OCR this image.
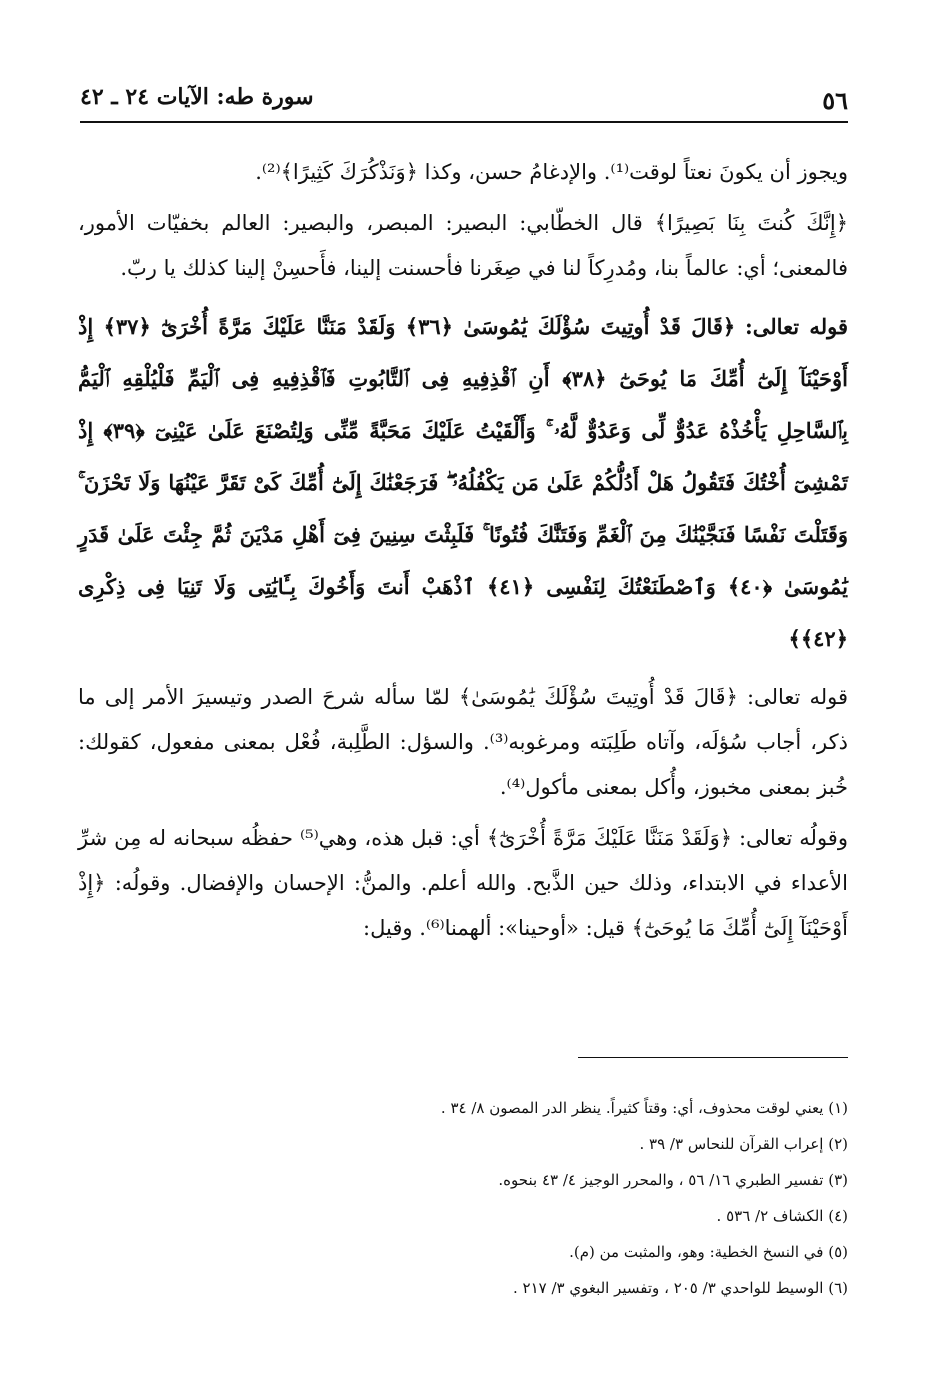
٥٦
سورة طه: الآيات ٢٤ ـ ٤٢

ويجوز أن يكونَ نعتاً لوقت⁽¹⁾. والإدغامُ حسن، وكذا ﴿وَنَذْكُرَكَ كَثِيرًا﴾⁽²⁾.

﴿إِنَّكَ كُنتَ بِنَا بَصِيرًا﴾ قال الخطّابي: البصير: المبصر، والبصير: العالم بخفيّات الأمور، فالمعنى؛ أي: عالماً بنا، ومُدرِكاً لنا في صِغَرنا فأحسنت إلينا، فأَحسِنْ إلينا كذلك يا ربّ.

قوله تعالى: ﴿قَالَ قَدْ أُوتِيتَ سُؤْلَكَ يَٰمُوسَىٰ ﴿٣٦﴾ وَلَقَدْ مَنَنَّا عَلَيْكَ مَرَّةً أُخْرَىٰٓ ﴿٣٧﴾ إِذْ أَوْحَيْنَآ إِلَىٰٓ أُمِّكَ مَا يُوحَىٰٓ ﴿٣٨﴾ أَنِ ٱقْذِفِيهِ فِى ٱلتَّابُوتِ فَٱقْذِفِيهِ فِى ٱلْيَمِّ فَلْيُلْقِهِ ٱلْيَمُّ بِٱلسَّاحِلِ يَأْخُذْهُ عَدُوٌّ لِّى وَعَدُوٌّ لَّهُۥ ۚ وَأَلْقَيْتُ عَلَيْكَ مَحَبَّةً مِّنِّى وَلِتُصْنَعَ عَلَىٰ عَيْنِىٓ ﴿٣٩﴾ إِذْ تَمْشِىٓ أُخْتُكَ فَتَقُولُ هَلْ أَدُلُّكُمْ عَلَىٰ مَن يَكْفُلُهُۥ ۖ فَرَجَعْنَٰكَ إِلَىٰٓ أُمِّكَ كَىْ تَقَرَّ عَيْنُهَا وَلَا تَحْزَنَ ۚ وَقَتَلْتَ نَفْسًا فَنَجَّيْنَٰكَ مِنَ ٱلْغَمِّ وَفَتَنَّٰكَ فُتُونًا ۚ فَلَبِثْتَ سِنِينَ فِىٓ أَهْلِ مَدْيَنَ ثُمَّ جِئْتَ عَلَىٰ قَدَرٍ يَٰمُوسَىٰ ﴿٤٠﴾ وَٱصْطَنَعْتُكَ لِنَفْسِى ﴿٤١﴾ ٱذْهَبْ أَنتَ وَأَخُوكَ بِـَٔايَٰتِى وَلَا تَنِيَا فِى ذِكْرِى ﴿٤٢﴾﴾

قوله تعالى: ﴿قَالَ قَدْ أُوتِيتَ سُؤْلَكَ يَٰمُوسَىٰ﴾ لمّا سأله شرحَ الصدر وتيسيرَ الأمر إلى ما ذكر، أجاب سُؤلَه، وآتاه طَلِبَته ومرغوبه⁽³⁾. والسؤل: الطَّلِبة، فُعْل بمعنى مفعول، كقولك: خُبز بمعنى مخبوز، وأُكل بمعنى مأكول⁽⁴⁾.

وقولُه تعالى: ﴿وَلَقَدْ مَنَنَّا عَلَيْكَ مَرَّةً أُخْرَىٰٓ﴾ أي: قبل هذه، وهي⁽⁵⁾ حفظُه سبحانه له مِن شرِّ الأعداء في الابتداء، وذلك حين الذَّبح. والله أعلم. والمنُّ: الإحسان والإفضال. وقولُه: ﴿إِذْ أَوْحَيْنَآ إِلَىٰٓ أُمِّكَ مَا يُوحَىٰٓ﴾ قيل: «أوحينا»: ألهمنا⁽⁶⁾. وقيل:

(١) يعني لوقت محذوف، أي: وقتاً كثيراً. ينظر الدر المصون ٨/ ٣٤ .
(٢) إعراب القرآن للنحاس ٣/ ٣٩ .
(٣) تفسير الطبري ١٦/ ٥٦ ، والمحرر الوجيز ٤/ ٤٣ بنحوه.
(٤) الكشاف ٢/ ٥٣٦ .
(٥) في النسخ الخطية: وهو، والمثبت من (م).
(٦) الوسيط للواحدي ٣/ ٢٠٥ ، وتفسير البغوي ٣/ ٢١٧ .
